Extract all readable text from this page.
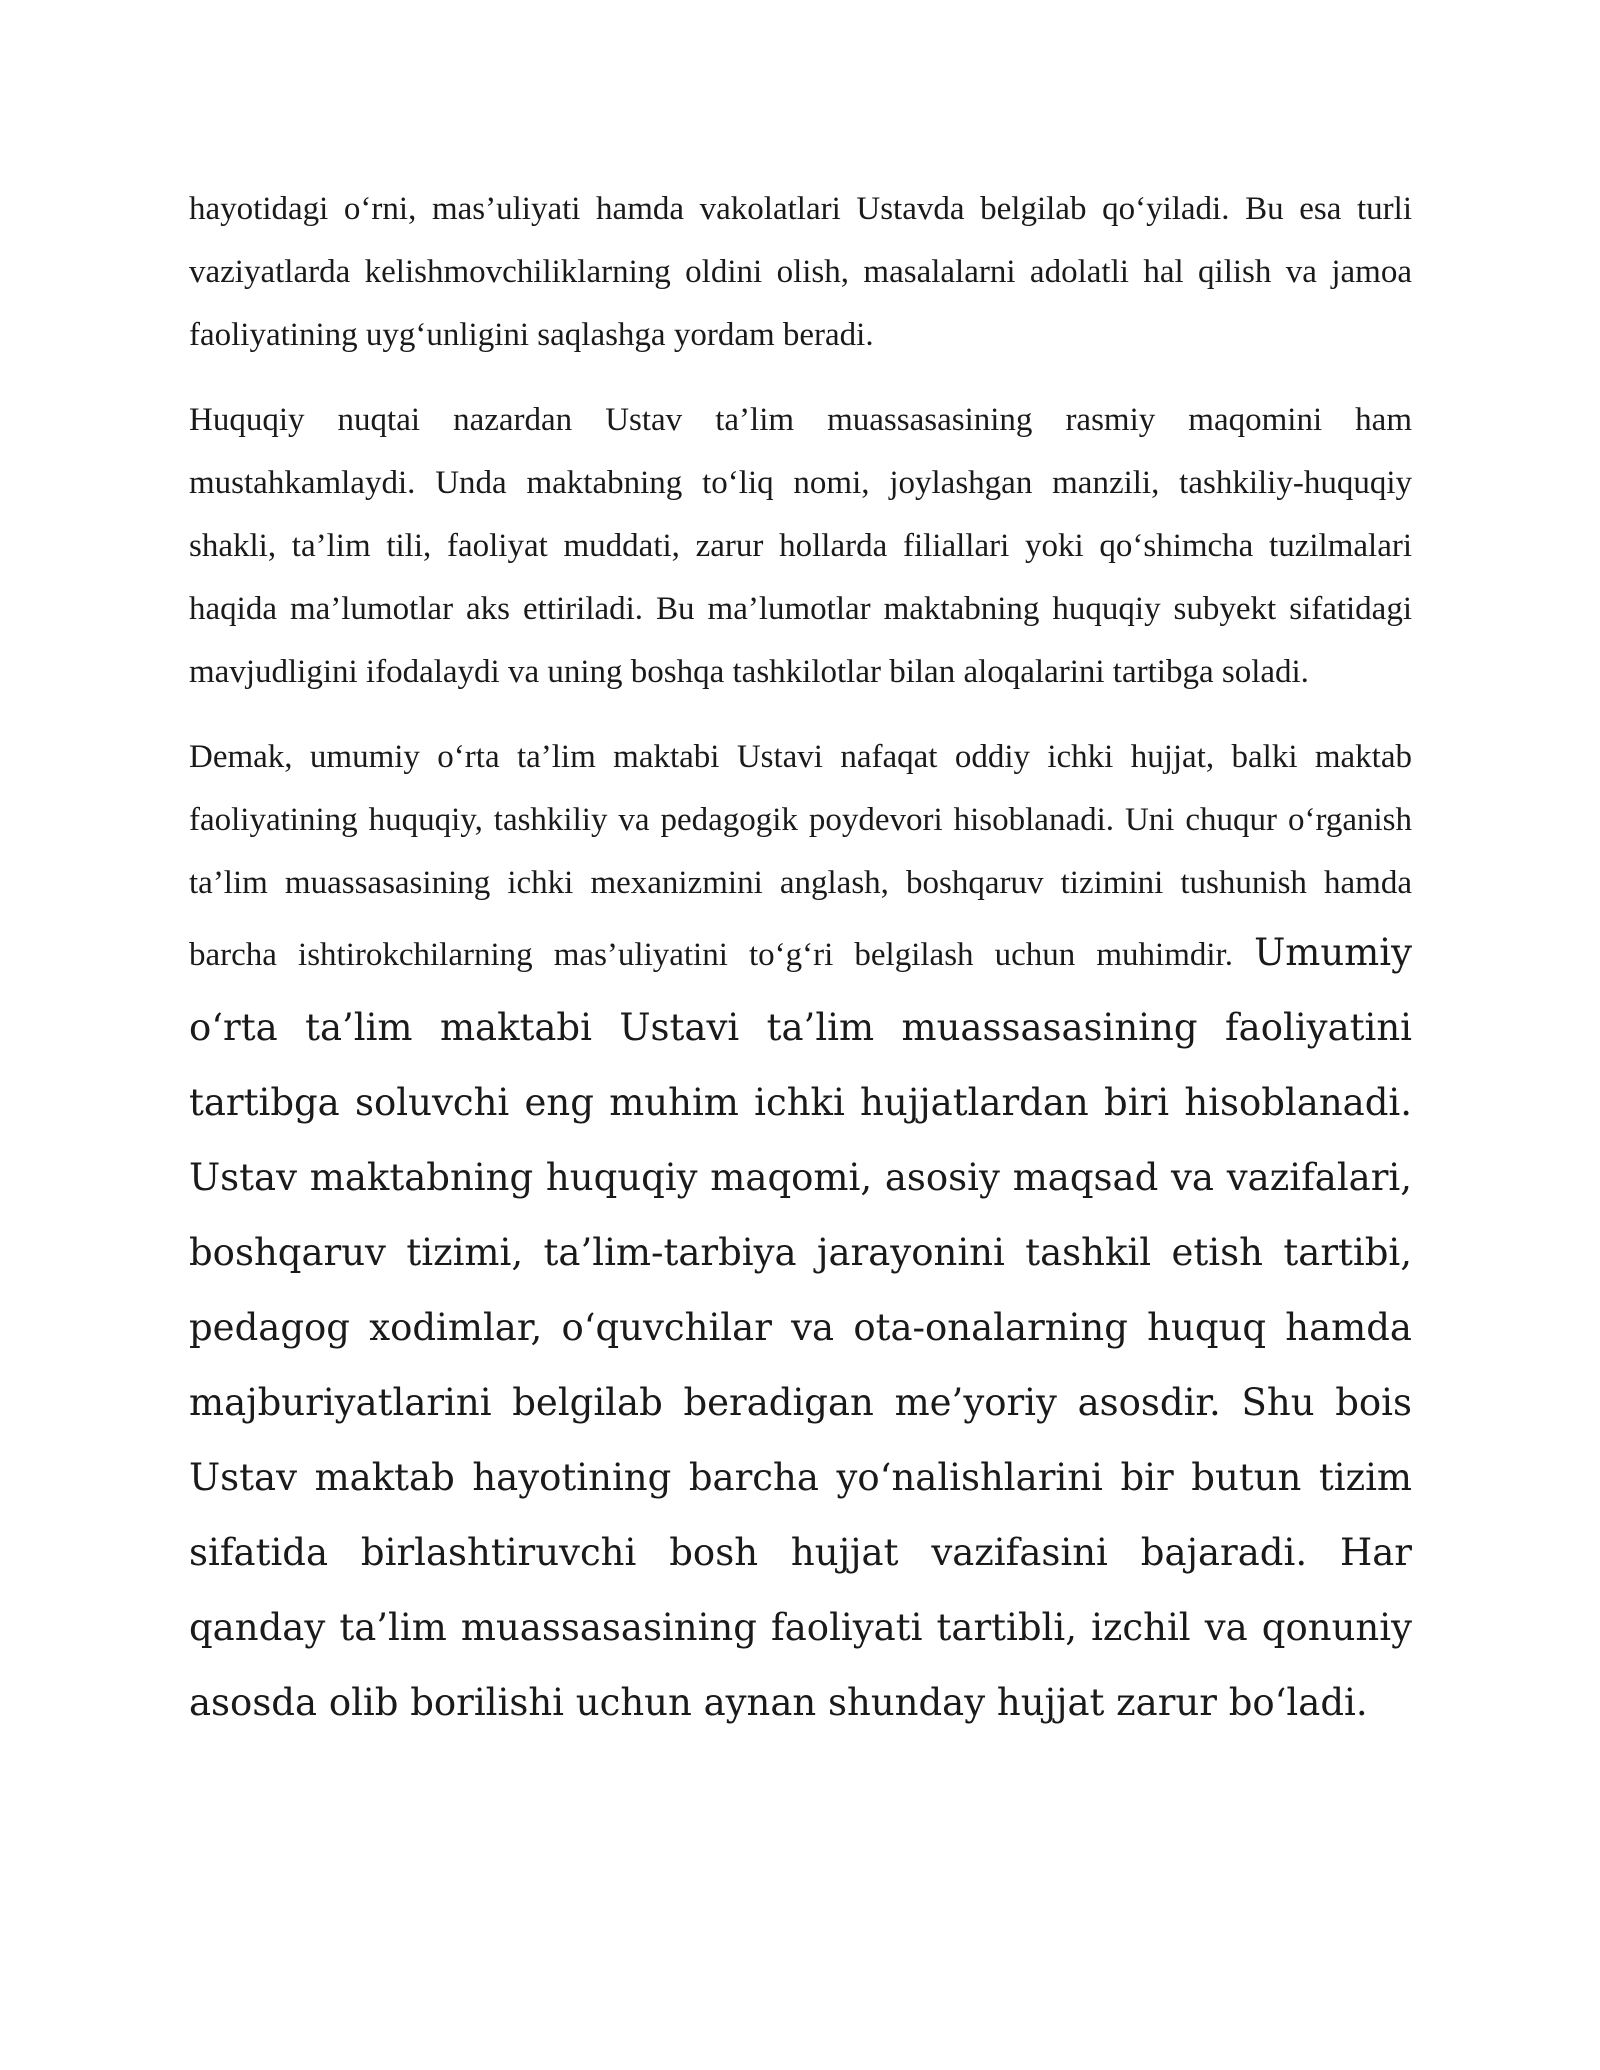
hayotidagi o‘rni, mas’uliyati hamda vakolatlari Ustavda belgilab qo‘yiladi. Bu esa turli vaziyatlarda kelishmovchiliklarning oldini olish, masalalarni adolatli hal qilish va jamoa faoliyatining uyg‘unligini saqlashga yordam beradi.

Huquqiy nuqtai nazardan Ustav ta’lim muassasasining rasmiy maqomini ham mustahkamlaydi. Unda maktabning to‘liq nomi, joylashgan manzili, tashkiliy-huquqiy shakli, ta’lim tili, faoliyat muddati, zarur hollarda filiallari yoki qo‘shimcha tuzilmalari haqida ma’lumotlar aks ettiriladi. Bu ma’lumotlar maktabning huquqiy subyekt sifatidagi mavjudligini ifodalaydi va uning boshqa tashkilotlar bilan aloqalarini tartibga soladi.

Demak, umumiy o‘rta ta’lim maktabi Ustavi nafaqat oddiy ichki hujjat, balki maktab faoliyatining huquqiy, tashkiliy va pedagogik poydevori hisoblanadi. Uni chuqur o‘rganish ta’lim muassasasining ichki mexanizmini anglash, boshqaruv tizimini tushunish hamda barcha ishtirokchilarning mas’uliyatini to‘g‘ri belgilash uchun muhimdir. Umumiy o‘rta ta’lim maktabi Ustavi ta’lim muassasasining faoliyatini tartibga soluvchi eng muhim ichki hujjatlardan biri hisoblanadi. Ustav maktabning huquqiy maqomi, asosiy maqsad va vazifalari, boshqaruv tizimi, ta’lim-tarbiya jarayonini tashkil etish tartibi, pedagog xodimlar, o‘quvchilar va ota-onalarning huquq hamda majburiyatlarini belgilab beradigan me’yoriy asosdir. Shu bois Ustav maktab hayotining barcha yo‘nalishlarini bir butun tizim sifatida birlashtiruvchi bosh hujjat vazifasini bajaradi. Har qanday ta’lim muassasasining faoliyati tartibli, izchil va qonuniy asosda olib borilishi uchun aynan shunday hujjat zarur bo‘ladi.
